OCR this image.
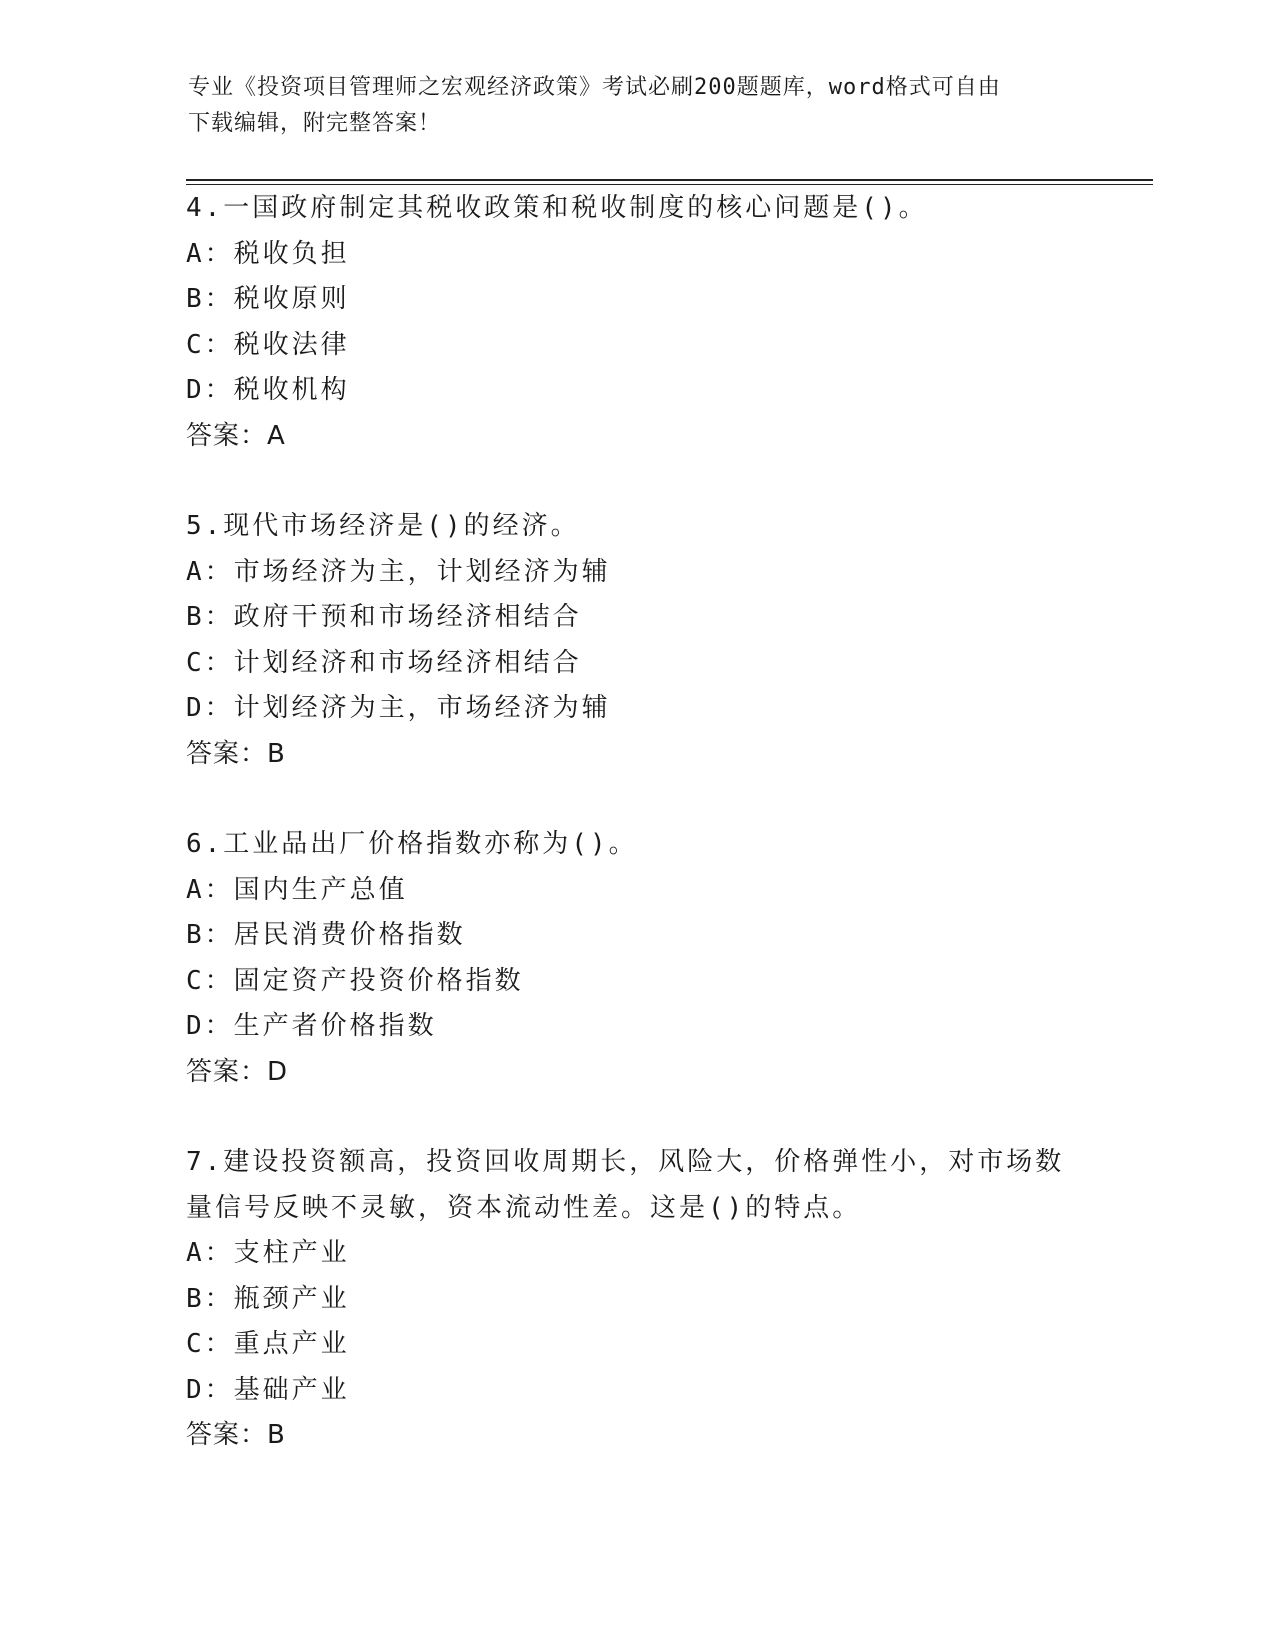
专业《投资项目管理师之宏观经济政策》考试必刷200题题库，word格式可自由
下载编辑，附完整答案！
4.一国政府制定其税收政策和税收制度的核心问题是()。
A：税收负担
B：税收原则
C：税收法律
D：税收机构
答案：A
5.现代市场经济是()的经济。
A：市场经济为主，计划经济为辅
B：政府干预和市场经济相结合
C：计划经济和市场经济相结合
D：计划经济为主，市场经济为辅
答案：B
6.工业品出厂价格指数亦称为()。
A：国内生产总值
B：居民消费价格指数
C：固定资产投资价格指数
D：生产者价格指数
答案：D
7.建设投资额高，投资回收周期长，风险大，价格弹性小，对市场数
量信号反映不灵敏，资本流动性差。这是()的特点。
A：支柱产业
B：瓶颈产业
C：重点产业
D：基础产业
答案：B
